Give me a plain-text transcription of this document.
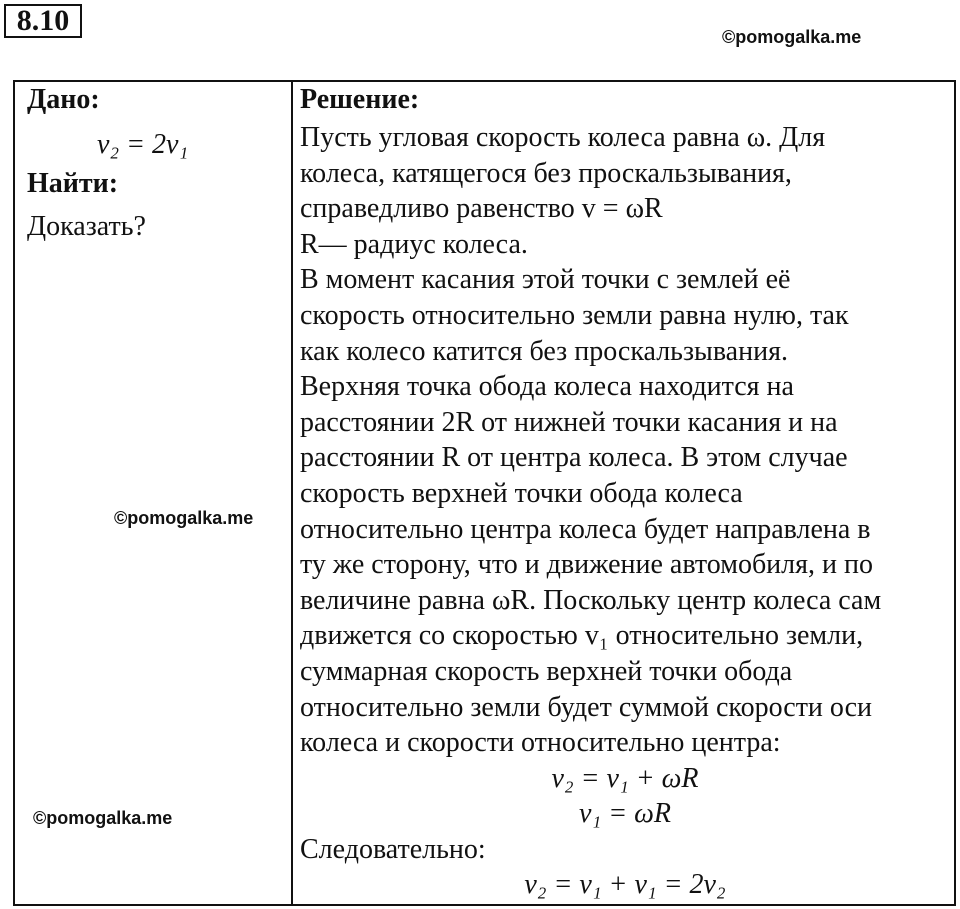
8.10	©pomogalka.me
Дано:
v₂ = 2v₁
Найти:
Доказать?
Решение:
Пусть угловая скорость колеса равна ω. Для
колеса, катящегося без проскальзывания,
справедливо равенство v = ωR
R— радиус колеса.
В момент касания этой точки с землей её
скорость относительно земли равна нулю, так
как колесо катится без проскальзывания.
Верхняя точка обода колеса находится на
расстоянии 2R от нижней точки касания и на
расстоянии R от центра колеса. В этом случае
скорость верхней точки обода колеса
относительно центра колеса будет направлена в
ту же сторону, что и движение автомобиля, и по
величине равна ωR. Поскольку центр колеса сам
движется со скоростью v₁ относительно земли,
суммарная скорость верхней точки обода
относительно земли будет суммой скорости оси
колеса и скорости относительно центра:
v₂ = v₁ + ωR
v₁ = ωR
Следовательно:
v₂ = v₁ + v₁ = 2v₂
©pomogalka.me
©pomogalka.me
